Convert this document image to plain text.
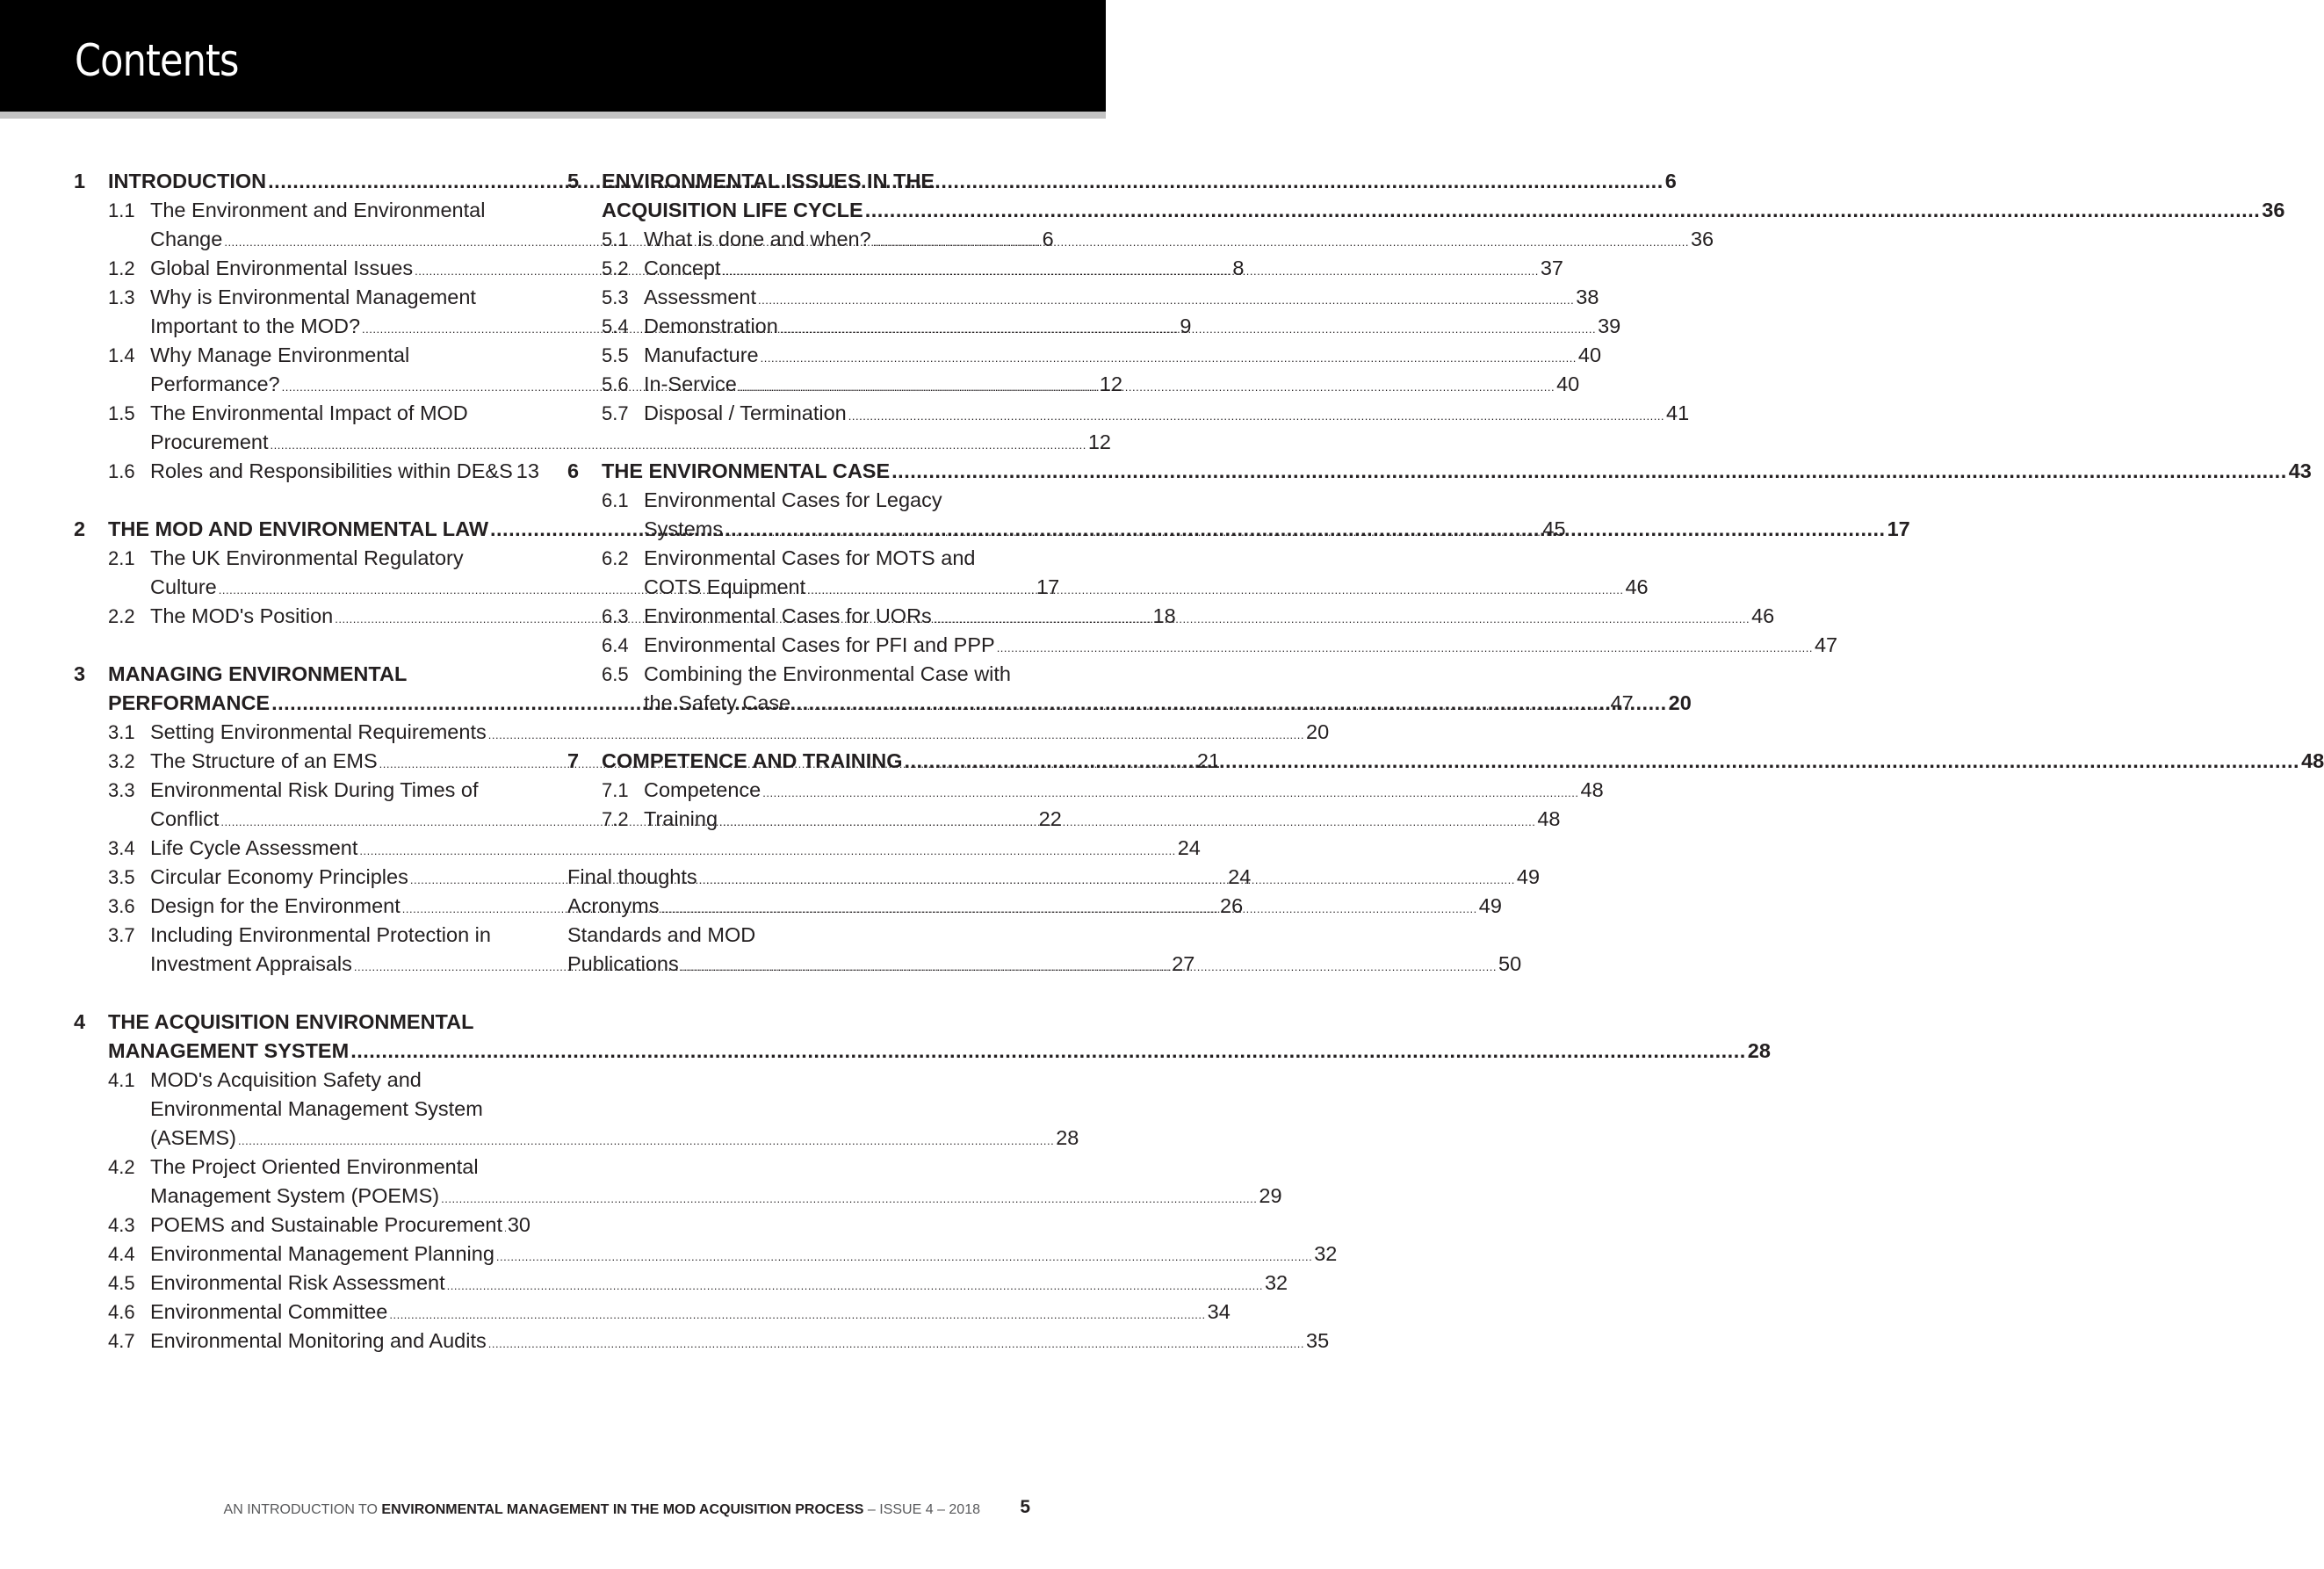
Contents
1 INTRODUCTION .....	6
1.1 The Environment and Environmental
Change .....	6
1.2 Global Environmental Issues .....	8
1.3 Why is Environmental Management
Important to the MOD? .....	9
1.4 Why Manage Environmental
Performance? .....	12
1.5 The Environmental Impact of MOD
Procurement .....	12
1.6 Roles and Responsibilities within DE&S 13
2 THE MOD AND ENVIRONMENTAL LAW .....	17
2.1 The UK Environmental Regulatory
Culture .....	17
2.2 The MOD's Position .....	18
3 MANAGING ENVIRONMENTAL
PERFORMANCE .....	20
3.1 Setting Environmental Requirements .....	20
3.2 The Structure of an EMS .....	21
3.3 Environmental Risk During Times of
Conflict .....	22
3.4 Life Cycle Assessment .....	24
3.5 Circular Economy Principles .....	24
3.6 Design for the Environment .....	26
3.7 Including Environmental Protection in
Investment Appraisals .....	27
4 THE ACQUISITION ENVIRONMENTAL
MANAGEMENT SYSTEM .....	28
4.1 MOD's Acquisition Safety and
Environmental Management System
(ASEMS) .....	28
4.2 The Project Oriented Environmental
Management System (POEMS) .....	29
4.3 POEMS and Sustainable Procurement ..... 30
4.4 Environmental Management Planning .....	32
4.5 Environmental Risk Assessment .....	32
4.6 Environmental Committee .....	34
4.7 Environmental Monitoring and Audits .....	35
5 ENVIRONMENTAL ISSUES IN THE
ACQUISITION LIFE CYCLE .....	36
5.1 What is done and when? .....	36
5.2 Concept .....	37
5.3 Assessment .....	38
5.4 Demonstration .....	39
5.5 Manufacture .....	40
5.6 In-Service .....	40
5.7 Disposal / Termination .....	41
6 THE ENVIRONMENTAL CASE .....	43
6.1 Environmental Cases for Legacy
Systems .....	45
6.2 Environmental Cases for MOTS and
COTS Equipment .....	46
6.3 Environmental Cases for UORs .....	46
6.4 Environmental Cases for PFI and PPP .....	47
6.5 Combining the Environmental Case with
the Safety Case .....	47
7 COMPETENCE AND TRAINING .....	48
7.1 Competence .....	48
7.2 Training .....	48
Final thoughts .....	49
Acronyms .....	49
Standards and MOD
Publications .....	50
AN INTRODUCTION TO ENVIRONMENTAL MANAGEMENT IN THE MOD ACQUISITION PROCESS – ISSUE 4 – 2018 5
